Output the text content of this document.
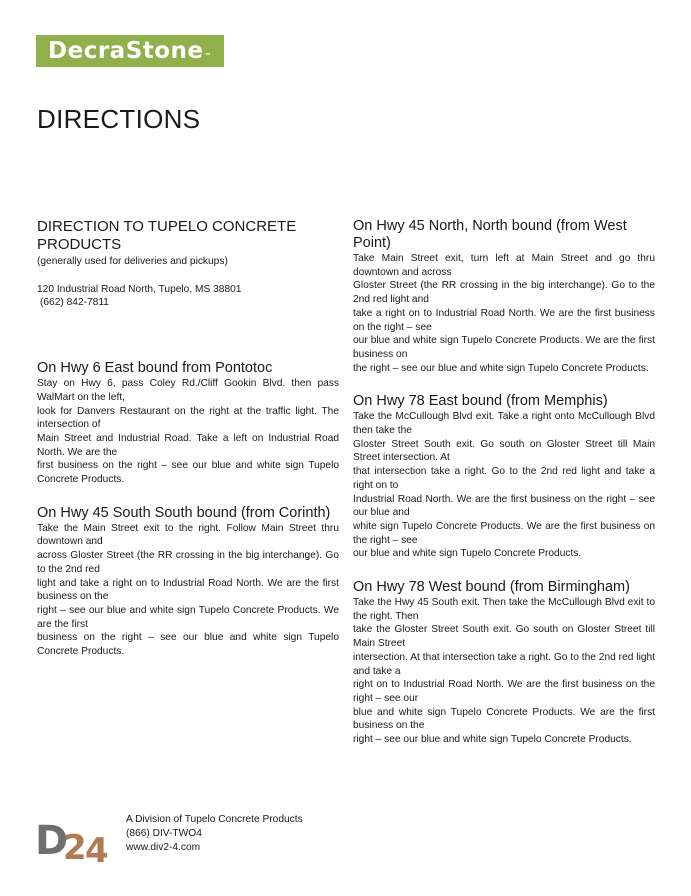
DecraStone™
DIRECTIONS
DIRECTION TO TUPELO CONCRETE PRODUCTS
(generally used for deliveries and pickups)
120 Industrial Road North, Tupelo, MS 38801
(662) 842-7811
On Hwy 6 East bound from Pontotoc

Stay on Hwy 6, pass Coley Rd./Cliff Gookin Blvd. then pass WalMart on the left,
look for Danvers Restaurant on the right at the traffic light. The intersection of
Main Street and Industrial Road. Take a left on Industrial Road North. We are the
first business on the right – see our blue and white sign Tupelo Concrete Products.

On Hwy 45 South South bound (from Corinth)

Take the Main Street exit to the right. Follow Main Street thru downtown and
across Gloster Street (the RR crossing in the big interchange). Go to the 2nd red
light and take a right on to Industrial Road North. We are the first business on the
right – see our blue and white sign Tupelo Concrete Products. We are the first
business on the right – see our blue and white sign Tupelo Concrete Products.

On Hwy 45 North, North bound (from West Point)

Take Main Street exit, turn left at Main Street and go thru downtown and across
Gloster Street (the RR crossing in the big interchange). Go to the 2nd red light and
take a right on to Industrial Road North. We are the first business on the right – see
our blue and white sign Tupelo Concrete Products. We are the first business on
the right – see our blue and white sign Tupelo Concrete Products.

On Hwy 78 East bound (from Memphis)

Take the McCullough Blvd exit. Take a right onto McCullough Blvd then take the
Gloster Street South exit. Go south on Gloster Street till Main Street intersection. At
that intersection take a right. Go to the 2nd red light and take a right on to
Industrial Road North. We are the first business on the right – see our blue and
white sign Tupelo Concrete Products. We are the first business on the right – see
our blue and white sign Tupelo Concrete Products.

On Hwy 78 West bound (from Birmingham)

Take the Hwy 45 South exit. Then take the McCullough Blvd exit to the right. Then
take the Gloster Street South exit. Go south on Gloster Street till Main Street
intersection. At that intersection take a right. Go to the 2nd red light and take a
right on to Industrial Road North. We are the first business on the right – see our
blue and white sign Tupelo Concrete Products. We are the first business on the
right – see our blue and white sign Tupelo Concrete Products.

D
2
4
A Division of Tupelo Concrete Products
(866) DIV-TWO4
www.div2-4.com
